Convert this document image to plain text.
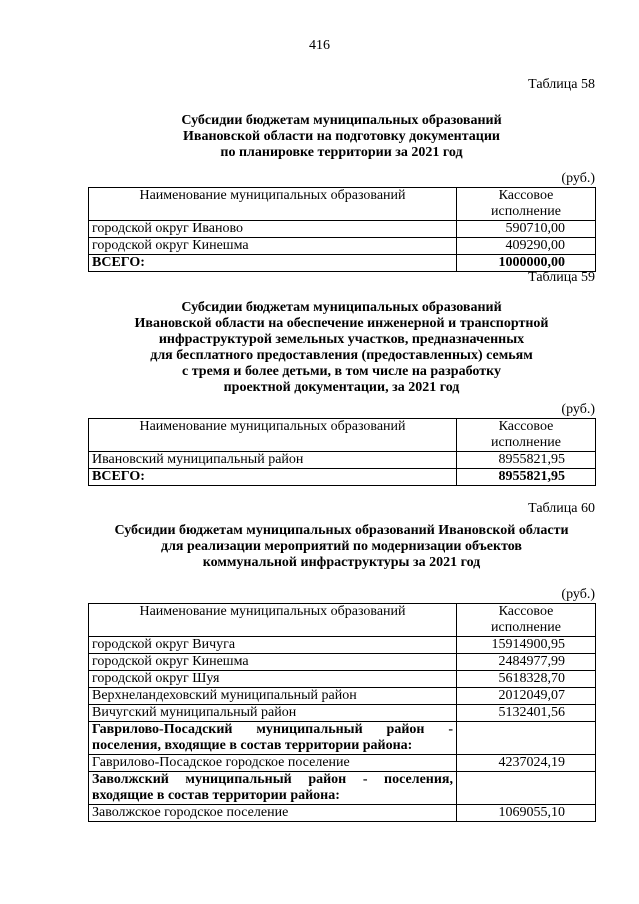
416
Таблица 58
Субсидии бюджетам муниципальных образований
Ивановской области на подготовку документации
по планировке территории за 2021 год
(руб.)
Наименование муниципальных образований	Кассовое
исполнение

городской округ Иваново	590710,00
городской округ Кинешма	409290,00
ВСЕГО:	1000000,00
Таблица 59
Субсидии бюджетам муниципальных образований
Ивановской области на обеспечение инженерной и транспортной
инфраструктурой земельных участков, предназначенных
для бесплатного предоставления (предоставленных) семьям
с тремя и более детьми, в том числе на разработку
проектной документации, за 2021 год
(руб.)
Наименование муниципальных образований	Кассовое
исполнение

Ивановский муниципальный район	8955821,95
ВСЕГО:	8955821,95
Таблица 60
Субсидии бюджетам муниципальных образований Ивановской области
для реализации мероприятий по модернизации объектов
коммунальной инфраструктуры за 2021 год
(руб.)
Наименование муниципальных образований	Кассовое
исполнение

городской округ Вичуга	15914900,95
городской округ Кинешма	2484977,99
городской округ Шуя	5618328,70
Верхнеландеховский муниципальный район	2012049,07
Вичугский муниципальный район	5132401,56

Гаврилово-Посадский муниципальный район -
поселения, входящие в состав территории района:	

Гаврилово-Посадское городское поселение	4237024,19

Заволжский муниципальный район - поселения,
входящие в состав территории района:	

Заволжское городское поселение	1069055,10
